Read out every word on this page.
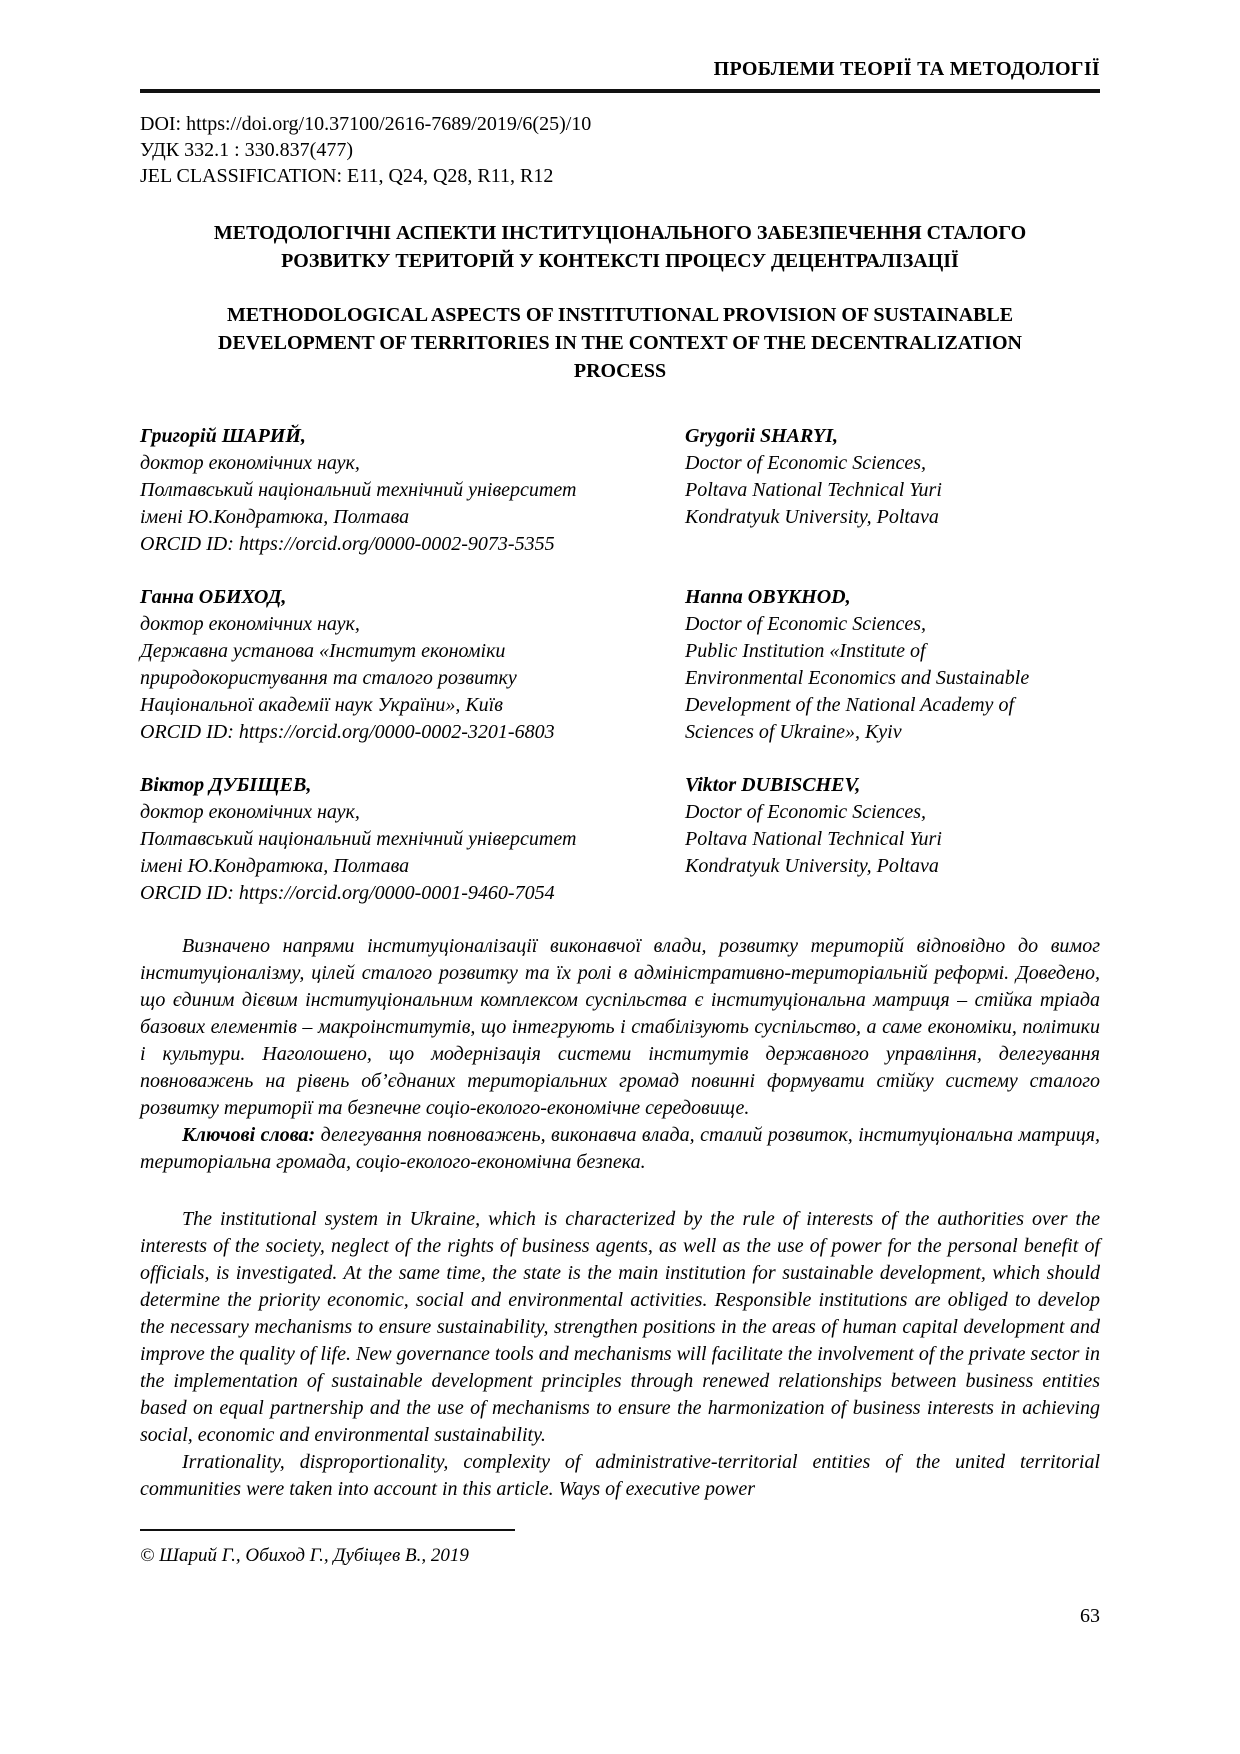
ПРОБЛЕМИ ТЕОРІЇ ТА МЕТОДОЛОГІЇ
DOI: https://doi.org/10.37100/2616-7689/2019/6(25)/10
УДК 332.1 : 330.837(477)
JEL CLASSIFICATION: E11, Q24, Q28, R11, R12
МЕТОДОЛОГІЧНІ АСПЕКТИ ІНСТИТУЦІОНАЛЬНОГО ЗАБЕЗПЕЧЕННЯ СТАЛОГО РОЗВИТКУ ТЕРИТОРІЙ У КОНТЕКСТІ ПРОЦЕСУ ДЕЦЕНТРАЛІЗАЦІЇ
METHODOLOGICAL ASPECTS OF INSTITUTIONAL PROVISION OF SUSTAINABLE DEVELOPMENT OF TERRITORIES IN THE CONTEXT OF THE DECENTRALIZATION PROCESS
Григорій ШАРИЙ,
доктор економічних наук,
Полтавський національний технічний університет
імені Ю.Кондратюка, Полтава
ORCID ID: https://orcid.org/0000-0002-9073-5355
Grygorii SHARYI,
Doctor of Economic Sciences,
Poltava National Technical Yuri
Kondratyuk University, Poltava
Ганна ОБИХОД,
доктор економічних наук,
Державна установа «Інститут економіки
природокористування та сталого розвитку
Національної академії наук України», Київ
ORCID ID: https://orcid.org/0000-0002-3201-6803
Hanna OBYKHOD,
Doctor of Economic Sciences,
Public Institution «Institute of
Environmental Economics and Sustainable
Development of the National Academy of
Sciences of Ukraine», Kyiv
Віктор ДУБІЩЕВ,
доктор економічних наук,
Полтавський національний технічний університет
імені Ю.Кондратюка, Полтава
ORCID ID: https://orcid.org/0000-0001-9460-7054
Viktor DUBISCHEV,
Doctor of Economic Sciences,
Poltava National Technical Yuri
Kondratyuk University, Poltava

Визначено напрями інституціоналізації виконавчої влади, розвитку територій відповідно до вимог інституціоналізму, цілей сталого розвитку та їх ролі в адміністративно-територіальній реформі. Доведено, що єдиним дієвим інституціональним комплексом суспільства є інституціональна матриця – стійка тріада базових елементів – макроінститутів, що інтегрують і стабілізують суспільство, а саме економіки, політики і культури. Наголошено, що модернізація системи інститутів державного управління, делегування повноважень на рівень об’єднаних територіальних громад повинні формувати стійку систему сталого розвитку території та безпечне соціо-еколого-економічне середовище.

Ключові слова: делегування повноважень, виконавча влада, сталий розвиток, інституціональна матриця, територіальна громада, соціо-еколого-економічна безпека.

The institutional system in Ukraine, which is characterized by the rule of interests of the authorities over the interests of the society, neglect of the rights of business agents, as well as the use of power for the personal benefit of officials, is investigated. At the same time, the state is the main institution for sustainable development, which should determine the priority economic, social and environmental activities. Responsible institutions are obliged to develop the necessary mechanisms to ensure sustainability, strengthen positions in the areas of human capital development and improve the quality of life. New governance tools and mechanisms will facilitate the involvement of the private sector in the implementation of sustainable development principles through renewed relationships between business entities based on equal partnership and the use of mechanisms to ensure the harmonization of business interests in achieving social, economic and environmental sustainability.

Irrationality, disproportionality, complexity of administrative-territorial entities of the united territorial communities were taken into account in this article. Ways of executive power

© Шарий Г., Обиход Г., Дубіщев В., 2019
63
